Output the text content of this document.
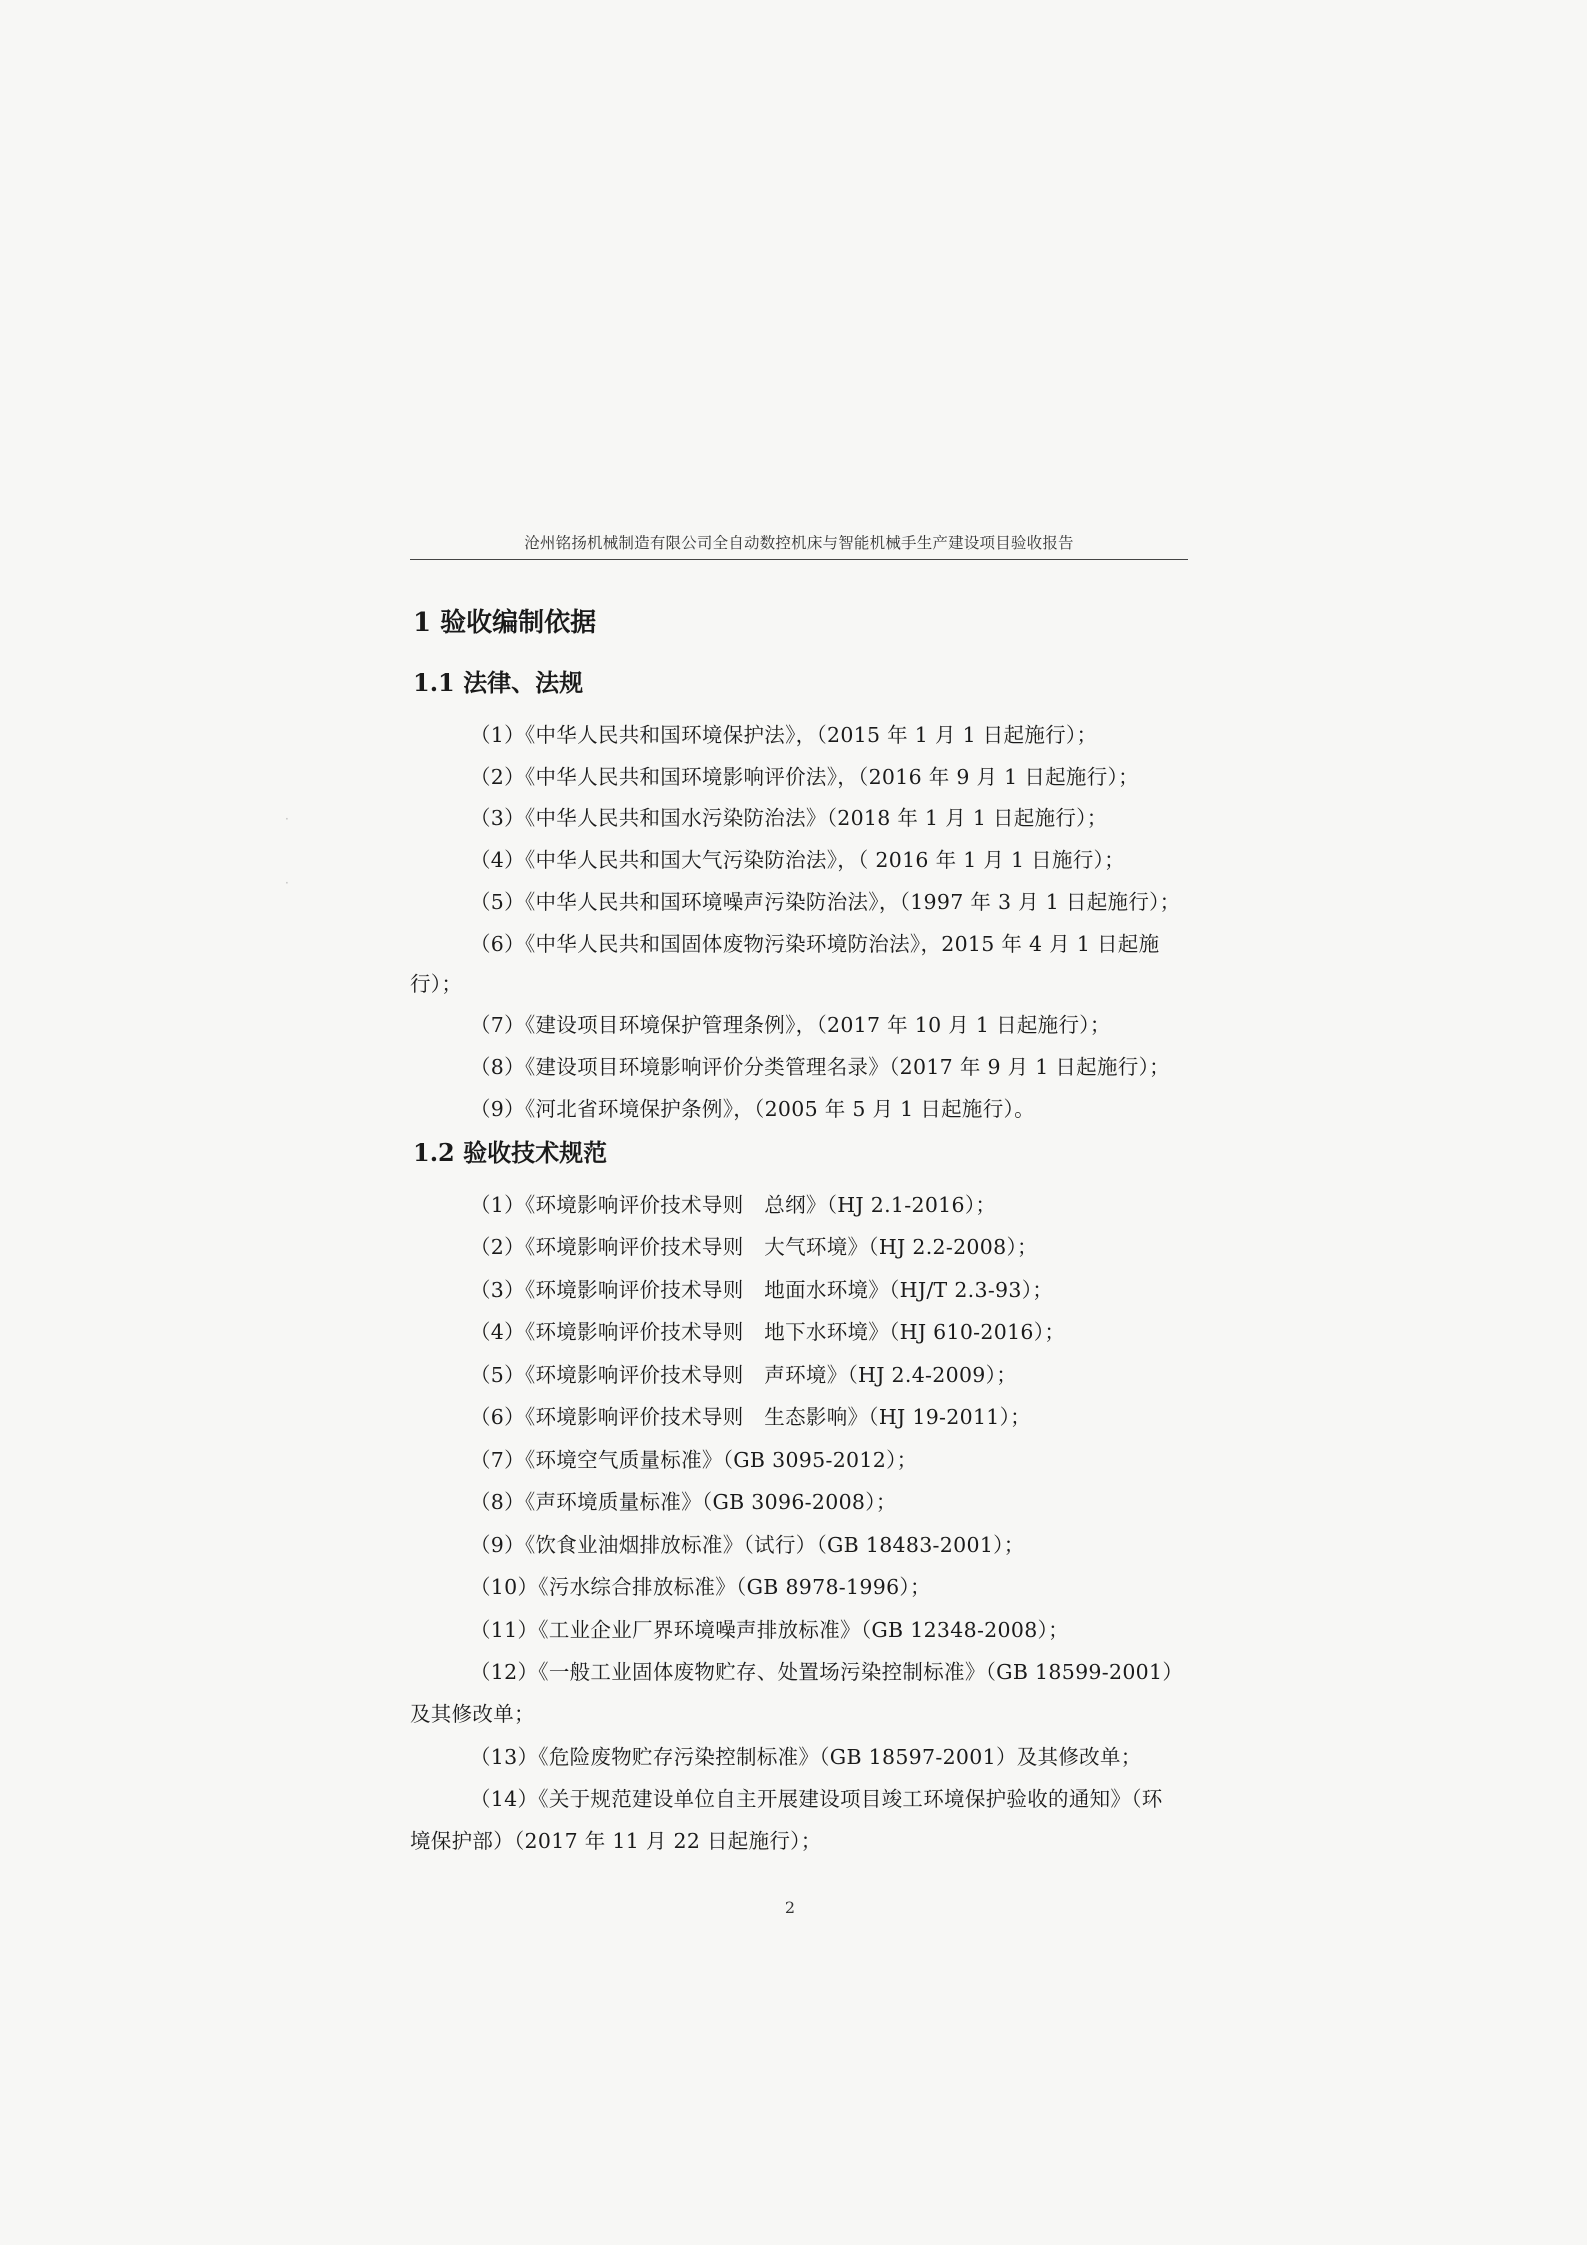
沧州铭扬机械制造有限公司全自动数控机床与智能机械手生产建设项目验收报告
1 验收编制依据
1.1 法律、法规
（1）《中华人民共和国环境保护法》，（2015 年 1 月 1 日起施行）；
（2）《中华人民共和国环境影响评价法》，（2016 年 9 月 1 日起施行）；
（3）《中华人民共和国水污染防治法》（2018 年 1 月 1 日起施行）；
（4）《中华人民共和国大气污染防治法》，（ 2016 年 1 月 1 日施行）；
（5）《中华人民共和国环境噪声污染防治法》，（1997 年 3 月 1 日起施行）；
（6）《中华人民共和国固体废物污染环境防治法》，2015 年 4 月 1 日起施
行）；
（7）《建设项目环境保护管理条例》，（2017 年 10 月 1 日起施行）；
（8）《建设项目环境影响评价分类管理名录》（2017 年 9 月 1 日起施行）；
（9）《河北省环境保护条例》，（2005 年 5 月 1 日起施行）。
1.2 验收技术规范
（1）《环境影响评价技术导则　总纲》（HJ 2.1-2016）；
（2）《环境影响评价技术导则　大气环境》（HJ 2.2-2008）；
（3）《环境影响评价技术导则　地面水环境》（HJ/T 2.3-93）；
（4）《环境影响评价技术导则　地下水环境》（HJ 610-2016）；
（5）《环境影响评价技术导则　声环境》（HJ 2.4-2009）；
（6）《环境影响评价技术导则　生态影响》（HJ 19-2011）；
（7）《环境空气质量标准》（GB 3095-2012）；
（8）《声环境质量标准》（GB 3096-2008）；
（9）《饮食业油烟排放标准》（试行）（GB 18483-2001）；
（10）《污水综合排放标准》（GB 8978-1996）；
（11）《工业企业厂界环境噪声排放标准》（GB 12348-2008）；
（12）《一般工业固体废物贮存、处置场污染控制标准》（GB 18599-2001）
及其修改单；
（13）《危险废物贮存污染控制标准》（GB 18597-2001）及其修改单；
（14）《关于规范建设单位自主开展建设项目竣工环境保护验收的通知》（环
境保护部）（2017 年 11 月 22 日起施行）；
2
·
·
